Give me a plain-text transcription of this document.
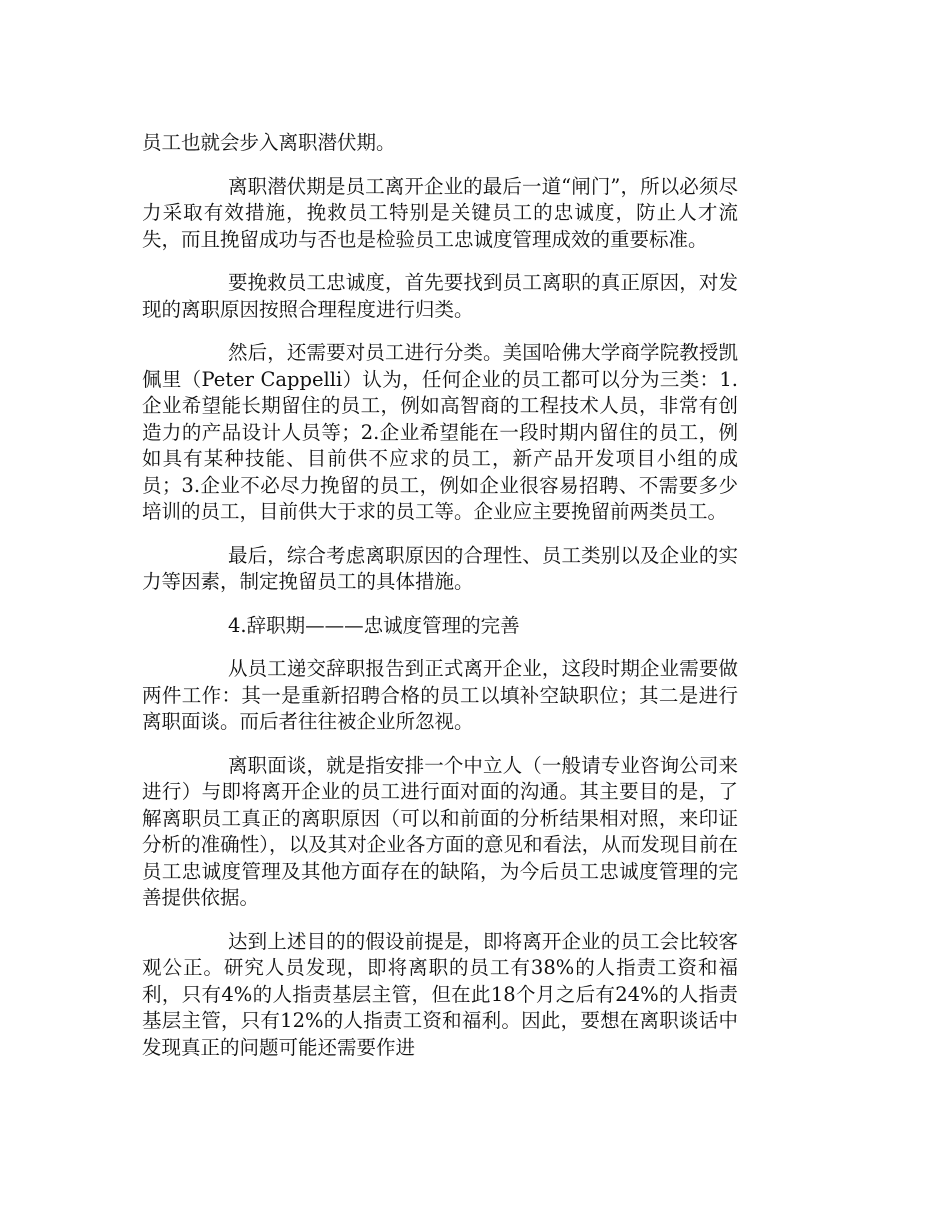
员工也就会步入离职潜伏期。

离职潜伏期是员工离开企业的最后一道“闸门”，所以必须尽力采取有效措施，挽救员工特别是关键员工的忠诚度，防止人才流失，而且挽留成功与否也是检验员工忠诚度管理成效的重要标准。

要挽救员工忠诚度，首先要找到员工离职的真正原因，对发现的离职原因按照合理程度进行归类。

然后，还需要对员工进行分类。美国哈佛大学商学院教授凯佩里（Peter Cappelli）认为，任何企业的员工都可以分为三类：1.企业希望能长期留住的员工，例如高智商的工程技术人员，非常有创造力的产品设计人员等；2.企业希望能在一段时期内留住的员工，例如具有某种技能、目前供不应求的员工，新产品开发项目小组的成员；3.企业不必尽力挽留的员工，例如企业很容易招聘、不需要多少培训的员工，目前供大于求的员工等。企业应主要挽留前两类员工。

最后，综合考虑离职原因的合理性、员工类别以及企业的实力等因素，制定挽留员工的具体措施。

4.辞职期———忠诚度管理的完善

从员工递交辞职报告到正式离开企业，这段时期企业需要做两件工作：其一是重新招聘合格的员工以填补空缺职位；其二是进行离职面谈。而后者往往被企业所忽视。

离职面谈，就是指安排一个中立人（一般请专业咨询公司来进行）与即将离开企业的员工进行面对面的沟通。其主要目的是，了解离职员工真正的离职原因（可以和前面的分析结果相对照，来印证分析的准确性），以及其对企业各方面的意见和看法，从而发现目前在员工忠诚度管理及其他方面存在的缺陷，为今后员工忠诚度管理的完善提供依据。

达到上述目的的假设前提是，即将离开企业的员工会比较客观公正。研究人员发现，即将离职的员工有38%的人指责工资和福利，只有4%的人指责基层主管，但在此18个月之后有24%的人指责基层主管，只有12%的人指责工资和福利。因此，要想在离职谈话中发现真正的问题可能还需要作进
